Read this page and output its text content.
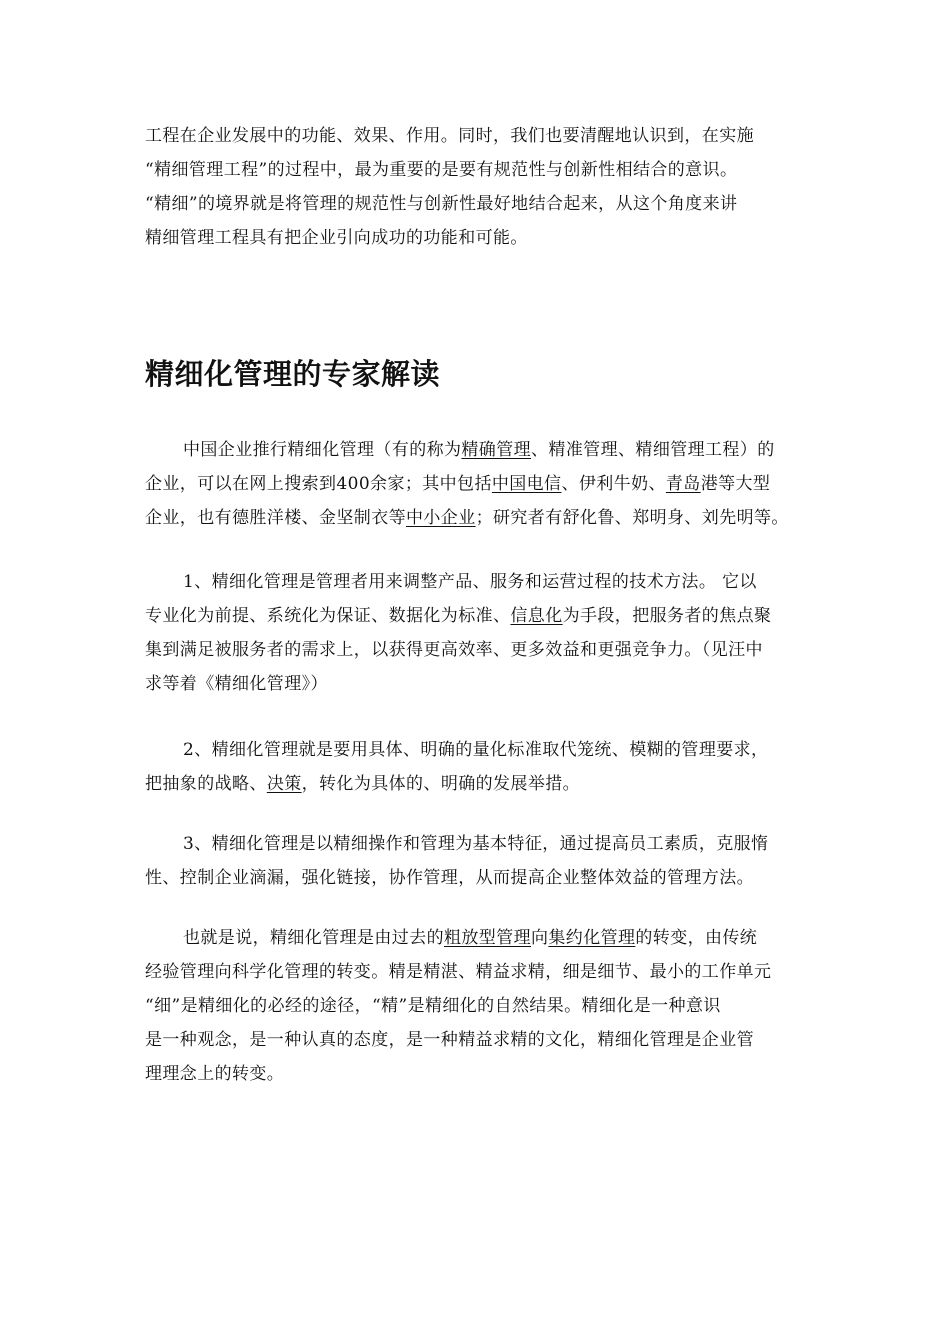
工程在企业发展中的功能、效果、作用。同时，我们也要清醒地认识到，在实施
“精细管理工程”的过程中，最为重要的是要有规范性与创新性相结合的意识。
“精细”的境界就是将管理的规范性与创新性最好地结合起来，从这个角度来讲
精细管理工程具有把企业引向成功的功能和可能。
精细化管理的专家解读
中国企业推行精细化管理（有的称为精确管理、精准管理、精细管理工程）的
企业，可以在网上搜索到400余家；其中包括中国电信、伊利牛奶、青岛港等大型
企业，也有德胜洋楼、金坚制衣等中小企业；研究者有舒化鲁、郑明身、刘先明等。
1、精细化管理是管理者用来调整产品、服务和运营过程的技术方法。 它以
专业化为前提、系统化为保证、数据化为标准、信息化为手段，把服务者的焦点聚
集到满足被服务者的需求上，以获得更高效率、更多效益和更强竞争力。（见汪中
求等着《精细化管理》）
2、精细化管理就是要用具体、明确的量化标准取代笼统、模糊的管理要求，
把抽象的战略、决策，转化为具体的、明确的发展举措。
3、精细化管理是以精细操作和管理为基本特征，通过提高员工素质，克服惰
性、控制企业滴漏，强化链接，协作管理，从而提高企业整体效益的管理方法。
也就是说，精细化管理是由过去的粗放型管理向集约化管理的转变，由传统
经验管理向科学化管理的转变。精是精湛、精益求精，细是细节、最小的工作单元
“细”是精细化的必经的途径，“精”是精细化的自然结果。精细化是一种意识
是一种观念，是一种认真的态度，是一种精益求精的文化，精细化管理是企业管
理理念上的转变。
